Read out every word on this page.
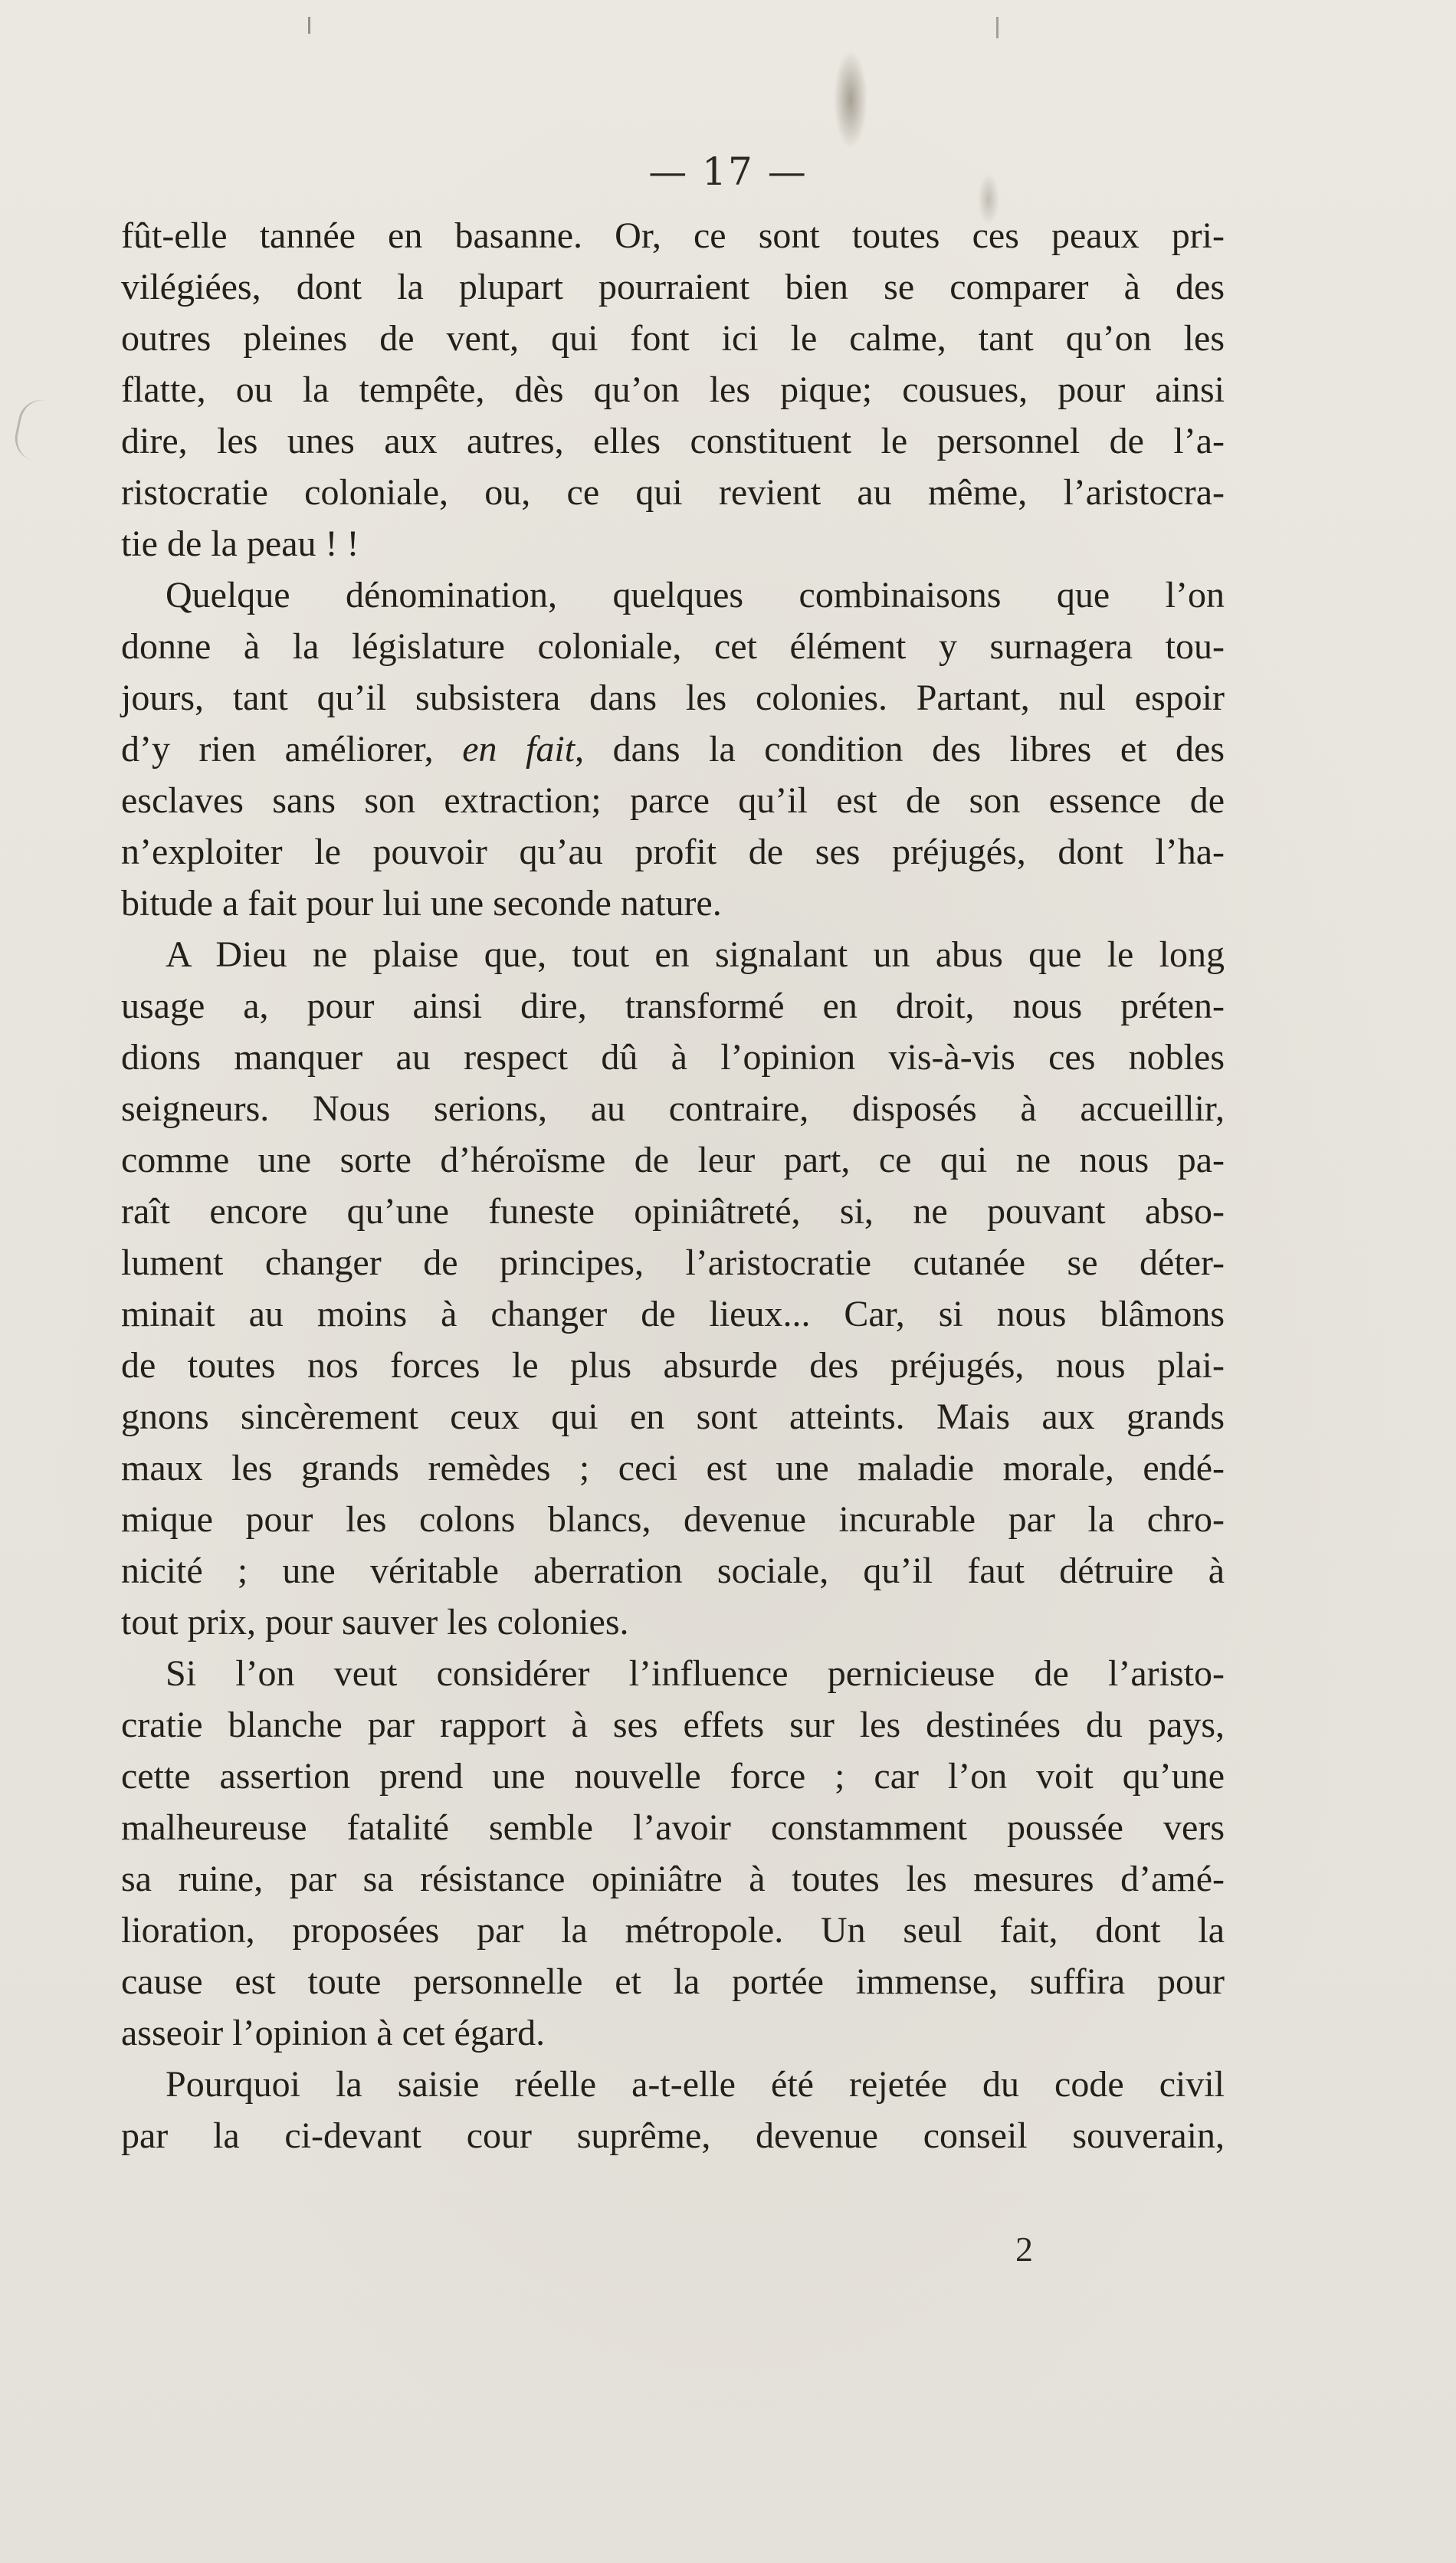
— 17 —
fût-elle tannée en basanne. Or, ce sont toutes ces peaux pri-
vilégiées, dont la plupart pourraient bien se comparer à des
outres pleines de vent, qui font ici le calme, tant qu’on les
flatte, ou la tempête, dès qu’on les pique; cousues, pour ainsi
dire, les unes aux autres, elles constituent le personnel de l’a-
ristocratie coloniale, ou, ce qui revient au même, l’aristocra-
tie de la peau ! !
Quelque dénomination, quelques combinaisons que l’on
donne à la législature coloniale, cet élément y surnagera tou-
jours, tant qu’il subsistera dans les colonies. Partant, nul espoir
d’y rien améliorer, en fait, dans la condition des libres et des
esclaves sans son extraction; parce qu’il est de son essence de
n’exploiter le pouvoir qu’au profit de ses préjugés, dont l’ha-
bitude a fait pour lui une seconde nature.
A Dieu ne plaise que, tout en signalant un abus que le long
usage a, pour ainsi dire, transformé en droit, nous préten-
dions manquer au respect dû à l’opinion vis-à-vis ces nobles
seigneurs. Nous serions, au contraire, disposés à accueillir,
comme une sorte d’héroïsme de leur part, ce qui ne nous pa-
raît encore qu’une funeste opiniâtreté, si, ne pouvant abso-
lument changer de principes, l’aristocratie cutanée se déter-
minait au moins à changer de lieux... Car, si nous blâmons
de toutes nos forces le plus absurde des préjugés, nous plai-
gnons sincèrement ceux qui en sont atteints. Mais aux grands
maux les grands remèdes ; ceci est une maladie morale, endé-
mique pour les colons blancs, devenue incurable par la chro-
nicité ; une véritable aberration sociale, qu’il faut détruire à
tout prix, pour sauver les colonies.
Si l’on veut considérer l’influence pernicieuse de l’aristo-
cratie blanche par rapport à ses effets sur les destinées du pays,
cette assertion prend une nouvelle force ; car l’on voit qu’une
malheureuse fatalité semble l’avoir constamment poussée vers
sa ruine, par sa résistance opiniâtre à toutes les mesures d’amé-
lioration, proposées par la métropole. Un seul fait, dont la
cause est toute personnelle et la portée immense, suffira pour
asseoir l’opinion à cet égard.
Pourquoi la saisie réelle a-t-elle été rejetée du code civil
par la ci-devant cour suprême, devenue conseil souverain,
2
